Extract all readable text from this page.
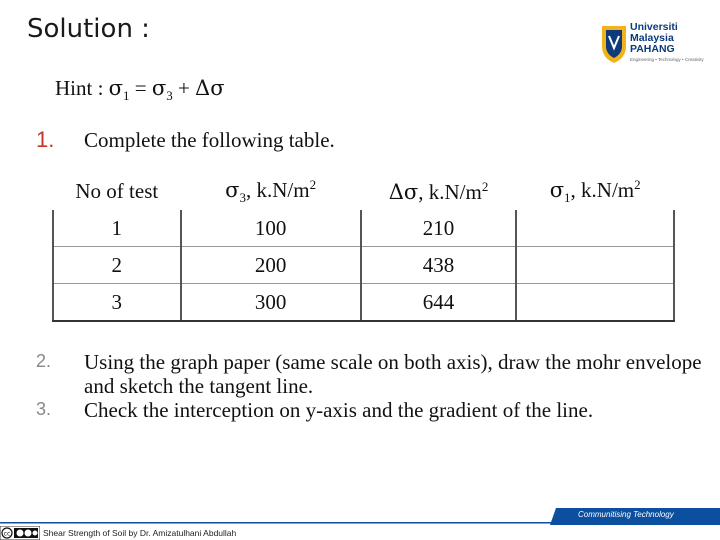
Solution :	Universiti
Malaysia
PAHANG
Engineering • Technology • Creativity
Hint : $\sigma_1 = \sigma_3 + \Delta\sigma$
1. Complete the following table.
No of test	$\sigma_3$, $k.N/m^2$	Δσ, $k.N/m^2$	$\sigma_1$, $k.N/m^2$
1	100	210	
2	200	438	
3	300	644	
2. Using the graph paper (same scale on both axis), draw the mohr envelope and sketch the tangent line.
3. Check the interception on y-axis and the gradient of the line.
Communitising Technology
cc	Shear Strength of Soil by Dr. Amizatulhani Abdullah
